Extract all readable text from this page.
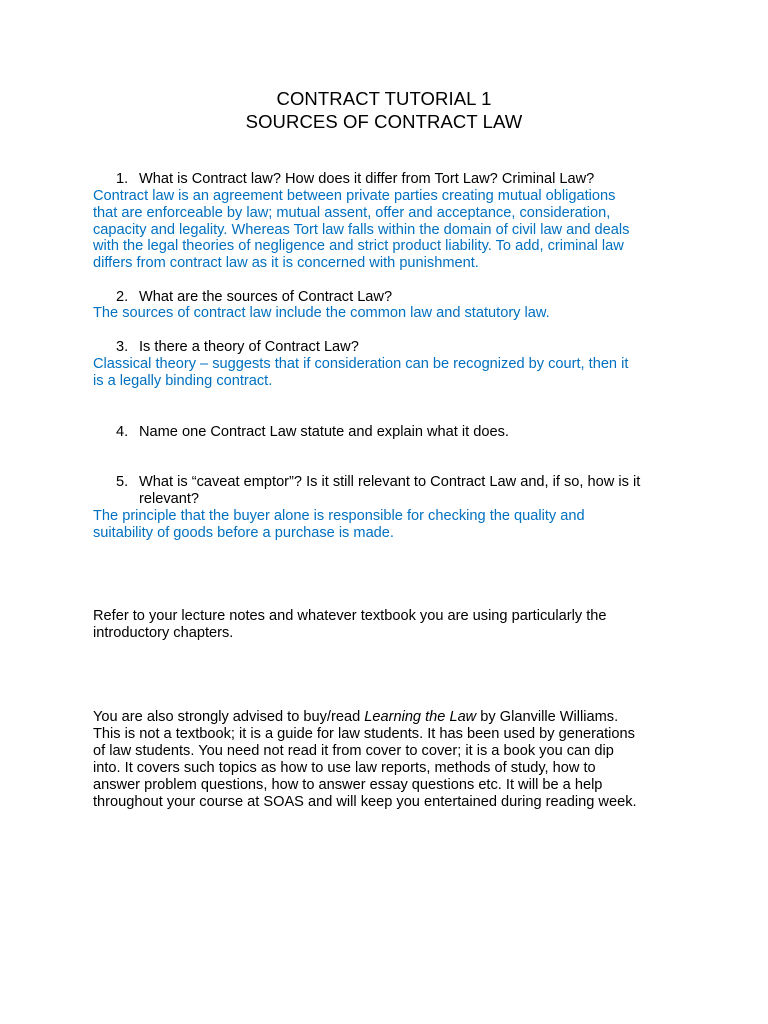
CONTRACT TUTORIAL 1
SOURCES OF CONTRACT LAW
1. What is Contract law? How does it differ from Tort Law? Criminal Law?
Contract law is an agreement between private parties creating mutual obligations
that are enforceable by law; mutual assent, offer and acceptance, consideration,
capacity and legality. Whereas Tort law falls within the domain of civil law and deals
with the legal theories of negligence and strict product liability. To add, criminal law
differs from contract law as it is concerned with punishment.
2. What are the sources of Contract Law?
The sources of contract law include the common law and statutory law.
3. Is there a theory of Contract Law?
Classical theory – suggests that if consideration can be recognized by court, then it
is a legally binding contract.
4. Name one Contract Law statute and explain what it does.
5. What is “caveat emptor”? Is it still relevant to Contract Law and, if so, how is it
relevant?
The principle that the buyer alone is responsible for checking the quality and
suitability of goods before a purchase is made.
Refer to your lecture notes and whatever textbook you are using particularly the
introductory chapters.
You are also strongly advised to buy/read Learning the Law by Glanville Williams.
This is not a textbook; it is a guide for law students. It has been used by generations
of law students. You need not read it from cover to cover; it is a book you can dip
into. It covers such topics as how to use law reports, methods of study, how to
answer problem questions, how to answer essay questions etc. It will be a help
throughout your course at SOAS and will keep you entertained during reading week.
